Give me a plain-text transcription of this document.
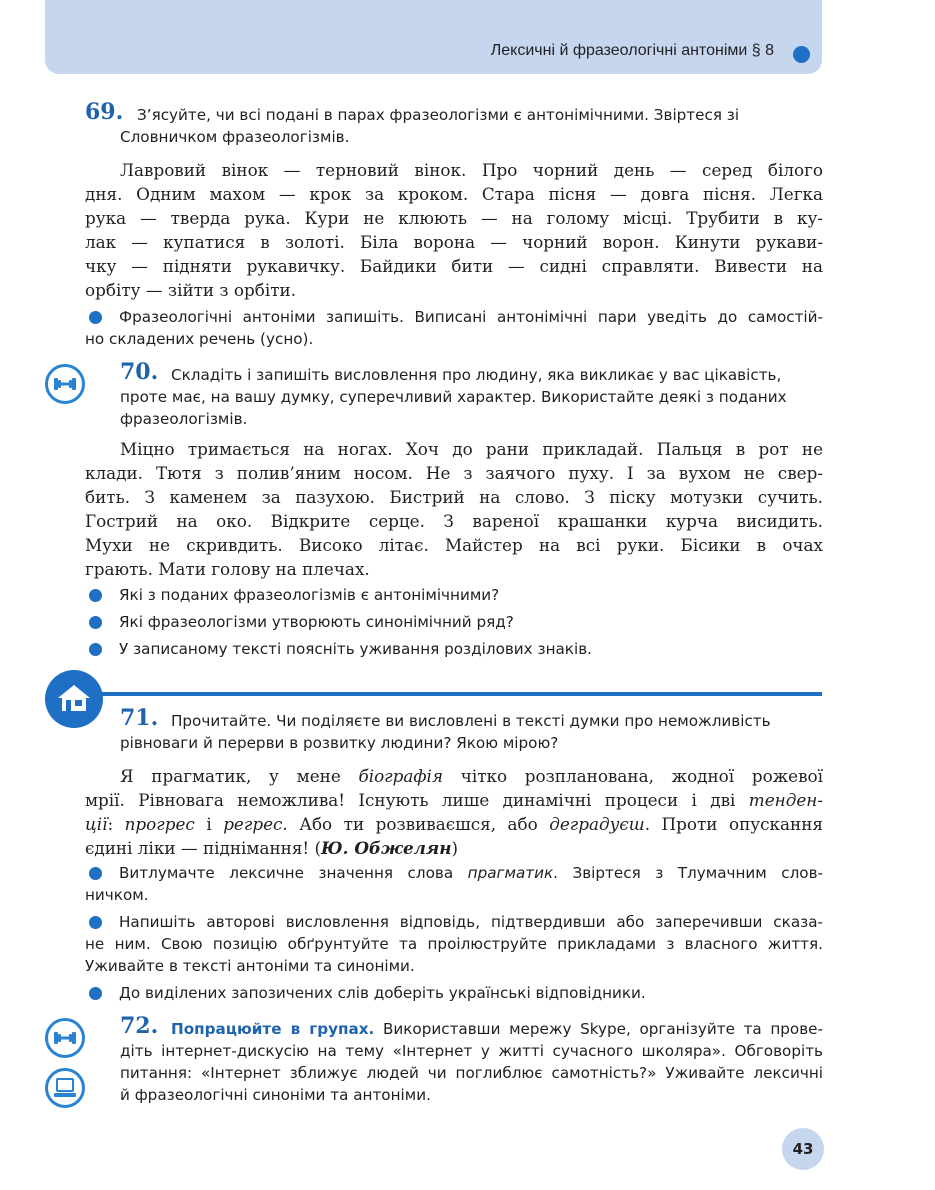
Лексичні й фразеологічні антоніми § 8
69. З’ясуйте, чи всі подані в парах фразеологізми є антонімічними. Звіртеся зі
Словничком фразеологізмів.
Лавровий вінок — терновий вінок. Про чорний день — серед білого
дня. Одним махом — крок за кроком. Стара пісня — довга пісня. Легка
рука — тверда рука. Кури не клюють — на голому місці. Трубити в ку-
лак — купатися в золоті. Біла ворона — чорний ворон. Кинути рукави-
чку — підняти рукавичку. Байдики бити — сидні справляти. Вивести на
орбіту — зійти з орбіти.
Фразеологічні антоніми запишіть. Виписані антонімічні пари уведіть до самостій-
но складених речень (усно).
70. Складіть і запишіть висловлення про людину, яка викликає у вас цікавість,
проте має, на вашу думку, суперечливий характер. Використайте деякі з поданих
фразеологізмів.
Міцно тримається на ногах. Хоч до рани прикладай. Пальця в рот не
клади. Тютя з полив’яним носом. Не з заячого пуху. І за вухом не свер-
бить. З каменем за пазухою. Бистрий на слово. З піску мотузки сучить.
Гострий на око. Відкрите серце. З вареної крашанки курча висидить.
Мухи не скривдить. Високо літає. Майстер на всі руки. Бісики в очах
грають. Мати голову на плечах.
Які з поданих фразеологізмів є антонімічними?
Які фразеологізми утворюють синонімічний ряд?
У записаному тексті поясніть уживання розділових знаків.
71. Прочитайте. Чи поділяєте ви висловлені в тексті думки про неможливість
рівноваги й перерви в розвитку людини? Якою мірою?
Я прагматик, у мене біографія чітко розпланована, жодної рожевої
мрії. Рівновага неможлива! Існують лише динамічні процеси і дві тенден-
ції: прогрес і регрес. Або ти розвиваєшся, або деградуєш. Проти опускання
єдині ліки — піднімання! (Ю. Обжелян)
Витлумачте лексичне значення слова прагматик. Звіртеся з Тлумачним слов-
ничком.
Напишіть авторові висловлення відповідь, підтвердивши або заперечивши сказа-
не ним. Свою позицію обґрунтуйте та проілюструйте прикладами з власного життя.
Уживайте в тексті антоніми та синоніми.
До виділених запозичених слів доберіть українські відповідники.
72. Попрацюйте в групах. Використавши мережу Skype, організуйте та прове-
діть інтернет-дискусію на тему «Інтернет у житті сучасного школяра». Обговоріть
питання: «Інтернет зближує людей чи поглиблює самотність?» Уживайте лексичні
й фразеологічні синоніми та антоніми.
43
